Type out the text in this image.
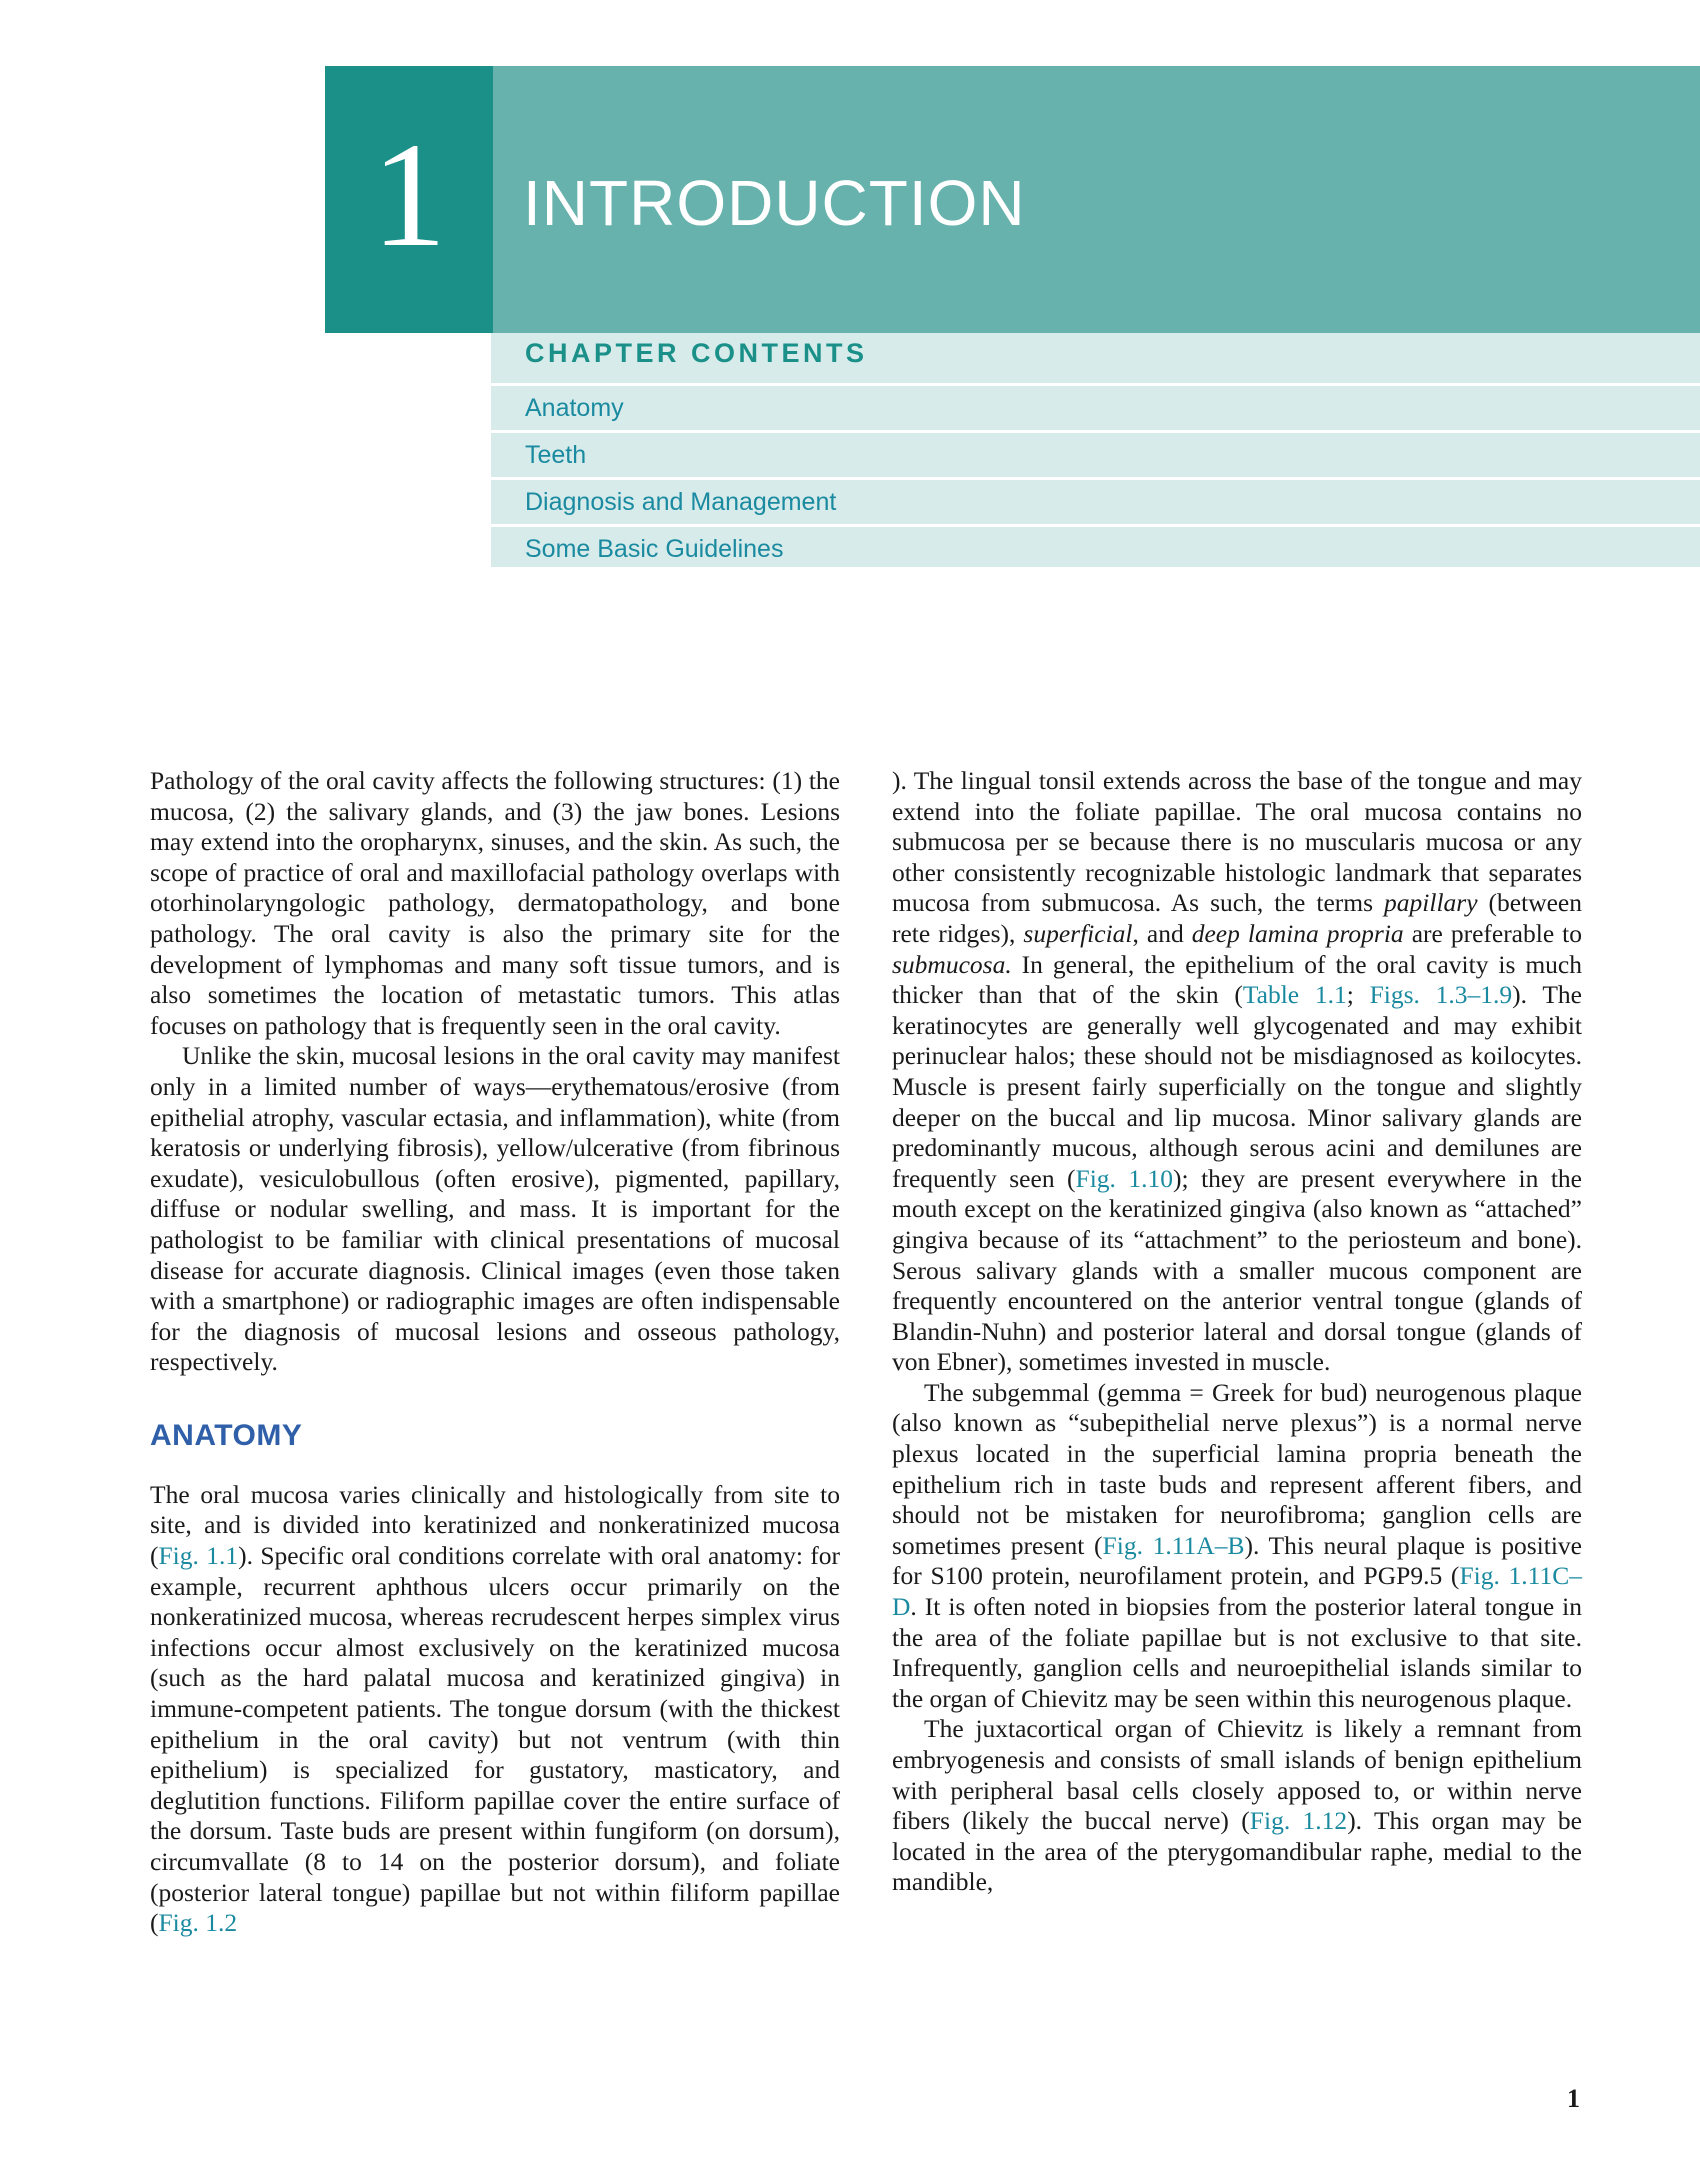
1 INTRODUCTION
CHAPTER CONTENTS
Anatomy
Teeth
Diagnosis and Management
Some Basic Guidelines

Pathology of the oral cavity affects the following structures: (1) the mucosa, (2) the salivary glands, and (3) the jaw bones. Lesions may extend into the oropharynx, sinuses, and the skin. As such, the scope of practice of oral and maxillofacial pathology overlaps with otorhinolaryngologic pathology, dermatopathology, and bone pathology. The oral cavity is also the primary site for the development of lymphomas and many soft tissue tumors, and is also sometimes the location of metastatic tumors. This atlas focuses on pathology that is frequently seen in the oral cavity.

Unlike the skin, mucosal lesions in the oral cavity may manifest only in a limited number of ways—erythematous/erosive (from epithelial atrophy, vascular ectasia, and inflammation), white (from keratosis or underlying fibrosis), yellow/ulcerative (from fibrinous exudate), vesiculobullous (often erosive), pigmented, papillary, diffuse or nodular swelling, and mass. It is important for the pathologist to be familiar with clinical presentations of mucosal disease for accurate diagnosis. Clinical images (even those taken with a smartphone) or radiographic images are often indispensable for the diagnosis of mucosal lesions and osseous pathology, respectively.

ANATOMY

The oral mucosa varies clinically and histologically from site to site, and is divided into keratinized and nonkeratinized mucosa (Fig. 1.1). Specific oral conditions correlate with oral anatomy: for example, recurrent aphthous ulcers occur primarily on the nonkeratinized mucosa, whereas recrudescent herpes simplex virus infections occur almost exclusively on the keratinized mucosa (such as the hard palatal mucosa and keratinized gingiva) in immune-competent patients. The tongue dorsum (with the thickest epithelium in the oral cavity) but not ventrum (with thin epithelium) is specialized for gustatory, masticatory, and deglutition functions. Filiform papillae cover the entire surface of the dorsum. Taste buds are present within fungiform (on dorsum), circumvallate (8 to 14 on the posterior dorsum), and foliate (posterior lateral tongue) papillae but not within filiform papillae (Fig. 1.2

). The lingual tonsil extends across the base of the tongue and may extend into the foliate papillae. The oral mucosa contains no submucosa per se because there is no muscularis mucosa or any other consistently recognizable histologic landmark that separates mucosa from submucosa. As such, the terms papillary (between rete ridges), superficial, and deep lamina propria are preferable to submucosa. In general, the epithelium of the oral cavity is much thicker than that of the skin (Table 1.1; Figs. 1.3–1.9). The keratinocytes are generally well glycogenated and may exhibit perinuclear halos; these should not be misdiagnosed as koilocytes. Muscle is present fairly superficially on the tongue and slightly deeper on the buccal and lip mucosa. Minor salivary glands are predominantly mucous, although serous acini and demilunes are frequently seen (Fig. 1.10); they are present everywhere in the mouth except on the keratinized gingiva (also known as “attached” gingiva because of its “attachment” to the periosteum and bone). Serous salivary glands with a smaller mucous component are frequently encountered on the anterior ventral tongue (glands of Blandin-Nuhn) and posterior lateral and dorsal tongue (glands of von Ebner), sometimes invested in muscle.

The subgemmal (gemma = Greek for bud) neurogenous plaque (also known as “subepithelial nerve plexus”) is a normal nerve plexus located in the superficial lamina propria beneath the epithelium rich in taste buds and represent afferent fibers, and should not be mistaken for neurofibroma; ganglion cells are sometimes present (Fig. 1.11A–B). This neural plaque is positive for S100 protein, neurofilament protein, and PGP9.5 (Fig. 1.11C–D. It is often noted in biopsies from the posterior lateral tongue in the area of the foliate papillae but is not exclusive to that site. Infrequently, ganglion cells and neuroepithelial islands similar to the organ of Chievitz may be seen within this neurogenous plaque.

The juxtacortical organ of Chievitz is likely a remnant from embryogenesis and consists of small islands of benign epithelium with peripheral basal cells closely apposed to, or within nerve fibers (likely the buccal nerve) (Fig. 1.12). This organ may be located in the area of the pterygomandibular raphe, medial to the mandible,

1
